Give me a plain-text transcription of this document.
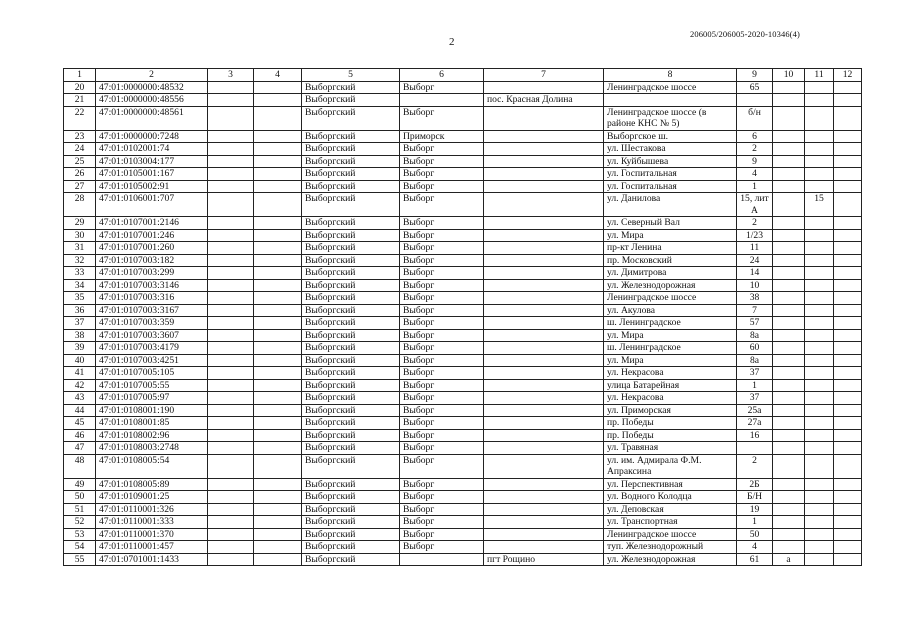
206005/206005-2020-10346(4)
2
1	2	3	4	5	6	7	8	9	10	11	12
20	47:01:0000000:48532			Выборгский	Выборг		Ленинградское шоссе	65			
21	47:01:0000000:48556			Выборгский		пос. Красная Долина					
22	47:01:0000000:48561			Выборгский	Выборг		Ленинградское шоссе (в районе КНС № 5)	б/н			
23	47:01:0000000:7248			Выборгский	Приморск		Выборгское ш.	6			
24	47:01:0102001:74			Выборгский	Выборг		ул. Шестакова	2			
25	47:01:0103004:177			Выборгский	Выборг		ул. Куйбышева	9			
26	47:01:0105001:167			Выборгский	Выборг		ул. Госпитальная	4			
27	47:01:0105002:91			Выборгский	Выборг		ул. Госпитальная	1			
28	47:01:0106001:707			Выборгский	Выборг		ул. Данилова	15, лит А		15	
29	47:01:0107001:2146			Выборгский	Выборг		ул. Северный Вал	2			
30	47:01:0107001:246			Выборгский	Выборг		ул. Мира	1/23			
31	47:01:0107001:260			Выборгский	Выборг		пр-кт Ленина	11			
32	47:01:0107003:182			Выборгский	Выборг		пр. Московский	24			
33	47:01:0107003:299			Выборгский	Выборг		ул. Димитрова	14			
34	47:01:0107003:3146			Выборгский	Выборг		ул. Железнодорожная	10			
35	47:01:0107003:316			Выборгский	Выборг		Ленинградское шоссе	38			
36	47:01:0107003:3167			Выборгский	Выборг		ул. Акулова	7			
37	47:01:0107003:359			Выборгский	Выборг		ш. Ленинградское	57			
38	47:01:0107003:3607			Выборгский	Выборг		ул. Мира	8а			
39	47:01:0107003:4179			Выборгский	Выборг		ш. Ленинградское	60			
40	47:01:0107003:4251			Выборгский	Выборг		ул. Мира	8а			
41	47:01:0107005:105			Выборгский	Выборг		ул. Некрасова	37			
42	47:01:0107005:55			Выборгский	Выборг		улица Батарейная	1			
43	47:01:0107005:97			Выборгский	Выборг		ул. Некрасова	37			
44	47:01:0108001:190			Выборгский	Выборг		ул. Приморская	25а			
45	47:01:0108001:85			Выборгский	Выборг		пр. Победы	27а			
46	47:01:0108002:96			Выборгский	Выборг		пр. Победы	16			
47	47:01:0108003:2748			Выборгский	Выборг		ул. Травяная				
48	47:01:0108005:54			Выборгский	Выборг		ул. им. Адмирала Ф.М. Апраксина	2			
49	47:01:0108005:89			Выборгский	Выборг		ул. Перспективная	2Б			
50	47:01:0109001:25			Выборгский	Выборг		ул. Водного Колодца	Б/Н			
51	47:01:0110001:326			Выборгский	Выборг		ул. Деповская	19			
52	47:01:0110001:333			Выборгский	Выборг		ул. Транспортная	1			
53	47:01:0110001:370			Выборгский	Выборг		Ленинградское шоссе	50			
54	47:01:0110001:457			Выборгский	Выборг		туп. Железнодорожный	4			
55	47:01:0701001:1433			Выборгский		пгт Рощино	ул. Железнодорожная	61	а		
